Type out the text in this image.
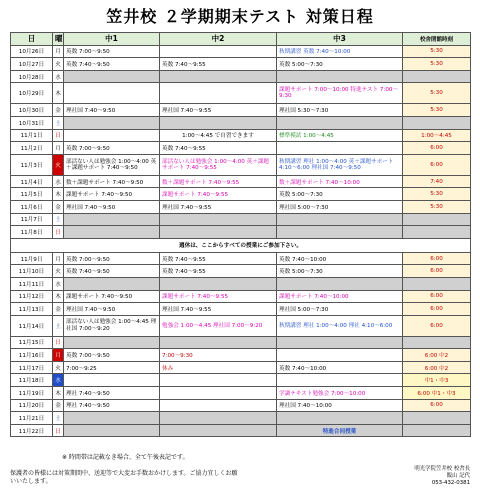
笠井校 ２学期期末テスト 対策日程
日	曜	中1	中2	中3	校舎閉館時刻
10月26日	月	英数 7:00～9:50		秋期講習 英数 7:40～10:00	5:30
10月27日	火	英数 7:40～9:50	英数 7:40～9:55	英数 5:00～7:30	5:30
10月28日	水				
10月29日	木			課題サポート 7:00～10:00 特進テスト 7:00～9:30	5:30
10月30日	金	理社国 7:40～9:50	理社国 7:40～9:55	理社国 5:30～7:30	5:30
10月31日	土				
11月1日	日		1:00～4:45 で自習できます	標準模試 1:00～4:45	1:00～4:45
11月2日	月	英数 7:00～9:50	英数 7:40～9:55		6:00
11月3日	火	部活ない人は勉強会 1:00～4:00 英＋課題サポート 7:40～9:50	部活ない人は勉強会 1:00～4:00 英＋課題サポート 7:40～9:55	秋期講習 理社 1:00～4:00 英＋課題サポート 4:10～6:00 理社国 7:40～9:50	6:00
11月4日	水	数＋課題サポート 7:40～9:50	数＋課題サポート 7:40～9:55	数＋課題サポート 7:40～10:00	7:40
11月5日	木	課題サポート 7:40～9:50	課題サポート 7:40～9:55	英数 5:00～7:30	5:30
11月6日	金	理社国 7:40～9:50	理社国 7:40～9:55	理社国 5:00～7:30	5:30
11月7日	土				
11月8日	日				
週休は、ここからすべての授業にご参加下さい。					
11月9日	月	英数 7:00～9:50	英数 7:40～9:55	英数 7:40～10:00	6:00
11月10日	火	英数 7:40～9:50	英数 7:40～9:55	英数 5:00～7:30	6:00
11月11日	水				
11月12日	木	課題サポート 7:40～9:50	課題サポート 7:40～9:55	課題サポート 7:40～10:00	6:00
11月13日	金	理社国 7:40～9:50	理社国 7:40～9:55	理社国 5:00～7:30	6:00
11月14日	土	部活ない人は勉強会 1:00～4:45 理社国 7:00～9:20	勉強会 1:00～4:45 理社国 7:00～9:20	秋期講習 理社 1:00～4:00 理社 4:10～6:00	6:00
11月15日	日				
11月16日	月	英数 7:00～9:50	7:00～9:30		6:00 中2
11月17日	火	7:00～9:25	休み	英数 7:40～10:00	6:00 中2
11月18日	水				中1・中3
11月19日	木	理社 7:40～9:50		学調テキスト勉強会 7:00～10:00	6:00 中1・中3
11月20日	金	理社 7:40～9:50		理社国 7:40～10:00	6:00
11月21日	土				
11月22日	日			特進合同授業	
※ 時間帯は記載なき場合、全て午後表記です。
保護者の皆様には対策期間中、送迎等で大変お手数おかけします。ご協力宜しくお願いいたします。
明光学院笠井校 校舎長
飯山 記代
053-432-0381
